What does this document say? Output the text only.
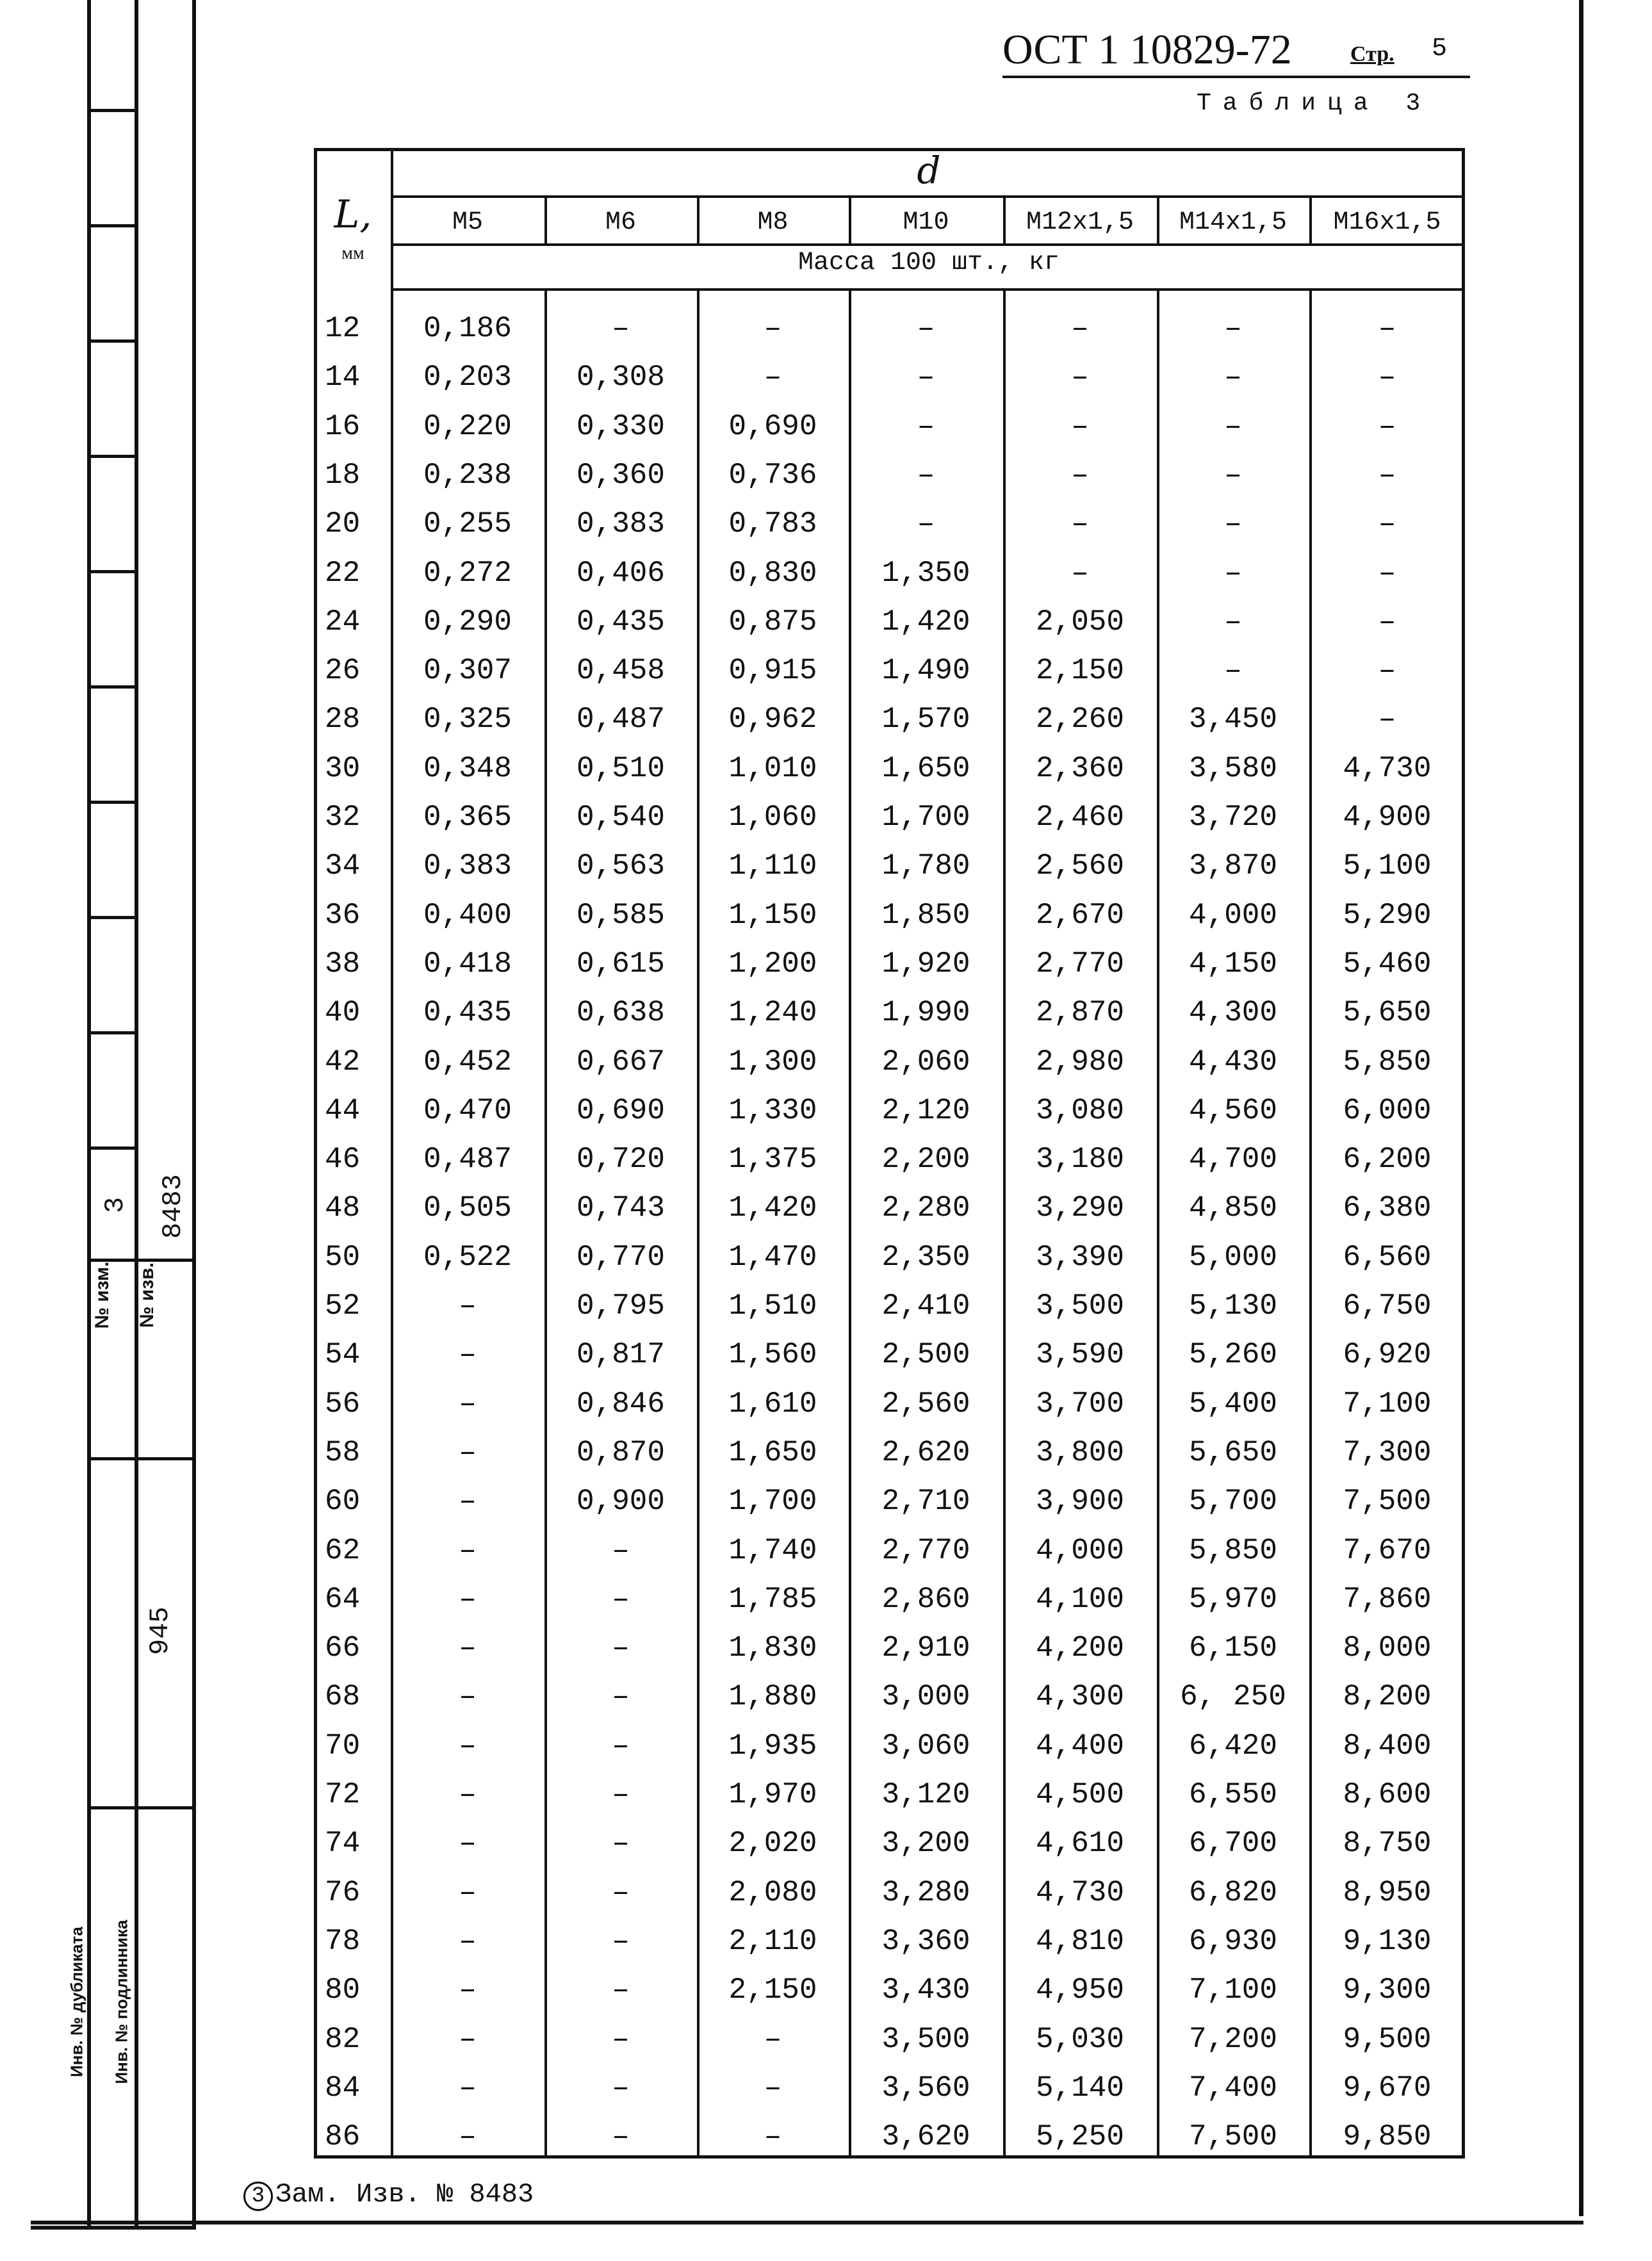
№ изм. № изв.
8483
3
945
Инв. № дубликата Инв. № подлинника
ОСТ 1 10829-72	Стр. 5
Таблица 3
d
L,
мм	Масса 100 шт., кг
M5	M6	M8	M10	M12x1,5	M14x1,5	M16x1,5
12	0,186	–	–	–	–	–	–
14	0,203	0,308	–	–	–	–	–
16	0,220	0,330	0,690	–	–	–	–
18	0,238	0,360	0,736	–	–	–	–
20	0,255	0,383	0,783	–	–	–	–
22	0,272	0,406	0,830	1,350	–	–	–
24	0,290	0,435	0,875	1,420	2,050	–	–
26	0,307	0,458	0,915	1,490	2,150	–	–
28	0,325	0,487	0,962	1,570	2,260	3,450	–
30	0,348	0,510	1,010	1,650	2,360	3,580	4,730
32	0,365	0,540	1,060	1,700	2,460	3,720	4,900
34	0,383	0,563	1,110	1,780	2,560	3,870	5,100
36	0,400	0,585	1,150	1,850	2,670	4,000	5,290
38	0,418	0,615	1,200	1,920	2,770	4,150	5,460
40	0,435	0,638	1,240	1,990	2,870	4,300	5,650
42	0,452	0,667	1,300	2,060	2,980	4,430	5,850
44	0,470	0,690	1,330	2,120	3,080	4,560	6,000
46	0,487	0,720	1,375	2,200	3,180	4,700	6,200
48	0,505	0,743	1,420	2,280	3,290	4,850	6,380
50	0,522	0,770	1,470	2,350	3,390	5,000	6,560
52	–	0,795	1,510	2,410	3,500	5,130	6,750
54	–	0,817	1,560	2,500	3,590	5,260	6,920
56	–	0,846	1,610	2,560	3,700	5,400	7,100
58	–	0,870	1,650	2,620	3,800	5,650	7,300
60	–	0,900	1,700	2,710	3,900	5,700	7,500
62	–	–	1,740	2,770	4,000	5,850	7,670
64	–	–	1,785	2,860	4,100	5,970	7,860
66	–	–	1,830	2,910	4,200	6,150	8,000
68	–	–	1,880	3,000	4,300	6, 250	8,200
70	–	–	1,935	3,060	4,400	6,420	8,400
72	–	–	1,970	3,120	4,500	6,550	8,600
74	–	–	2,020	3,200	4,610	6,700	8,750
76	–	–	2,080	3,280	4,730	6,820	8,950
78	–	–	2,110	3,360	4,810	6,930	9,130
80	–	–	2,150	3,430	4,950	7,100	9,300
82	–	–	–	3,500	5,030	7,200	9,500
84	–	–	–	3,560	5,140	7,400	9,670
86	–	–	–	3,620	5,250	7,500	9,850
3 Зам. Изв. № 8483
